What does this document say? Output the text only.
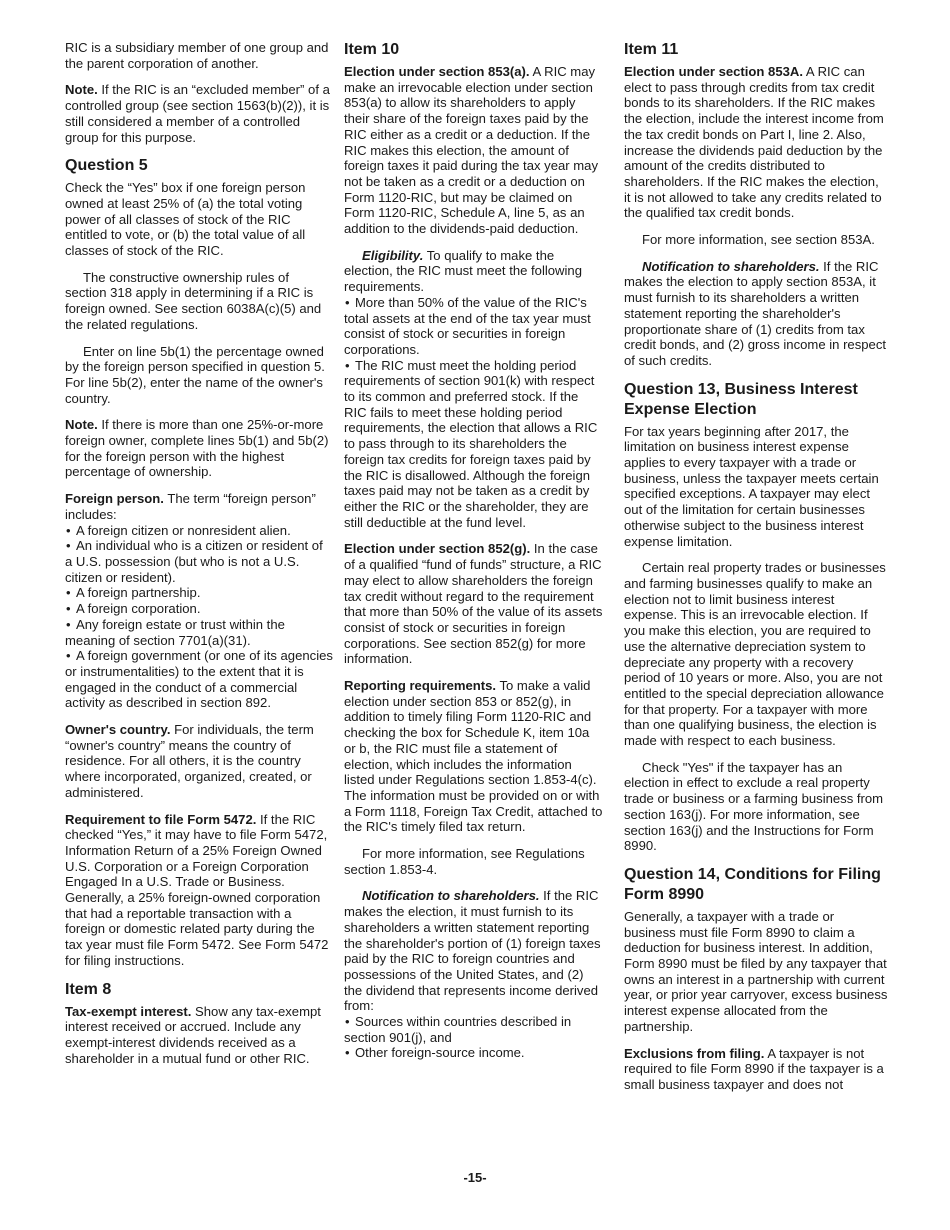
RIC is a subsidiary member of one group and the parent corporation of another.

Note. If the RIC is an “excluded member” of a controlled group (see section 1563(b)(2)), it is still considered a member of a controlled group for this purpose.

Question 5

Check the “Yes” box if one foreign person owned at least 25% of (a) the total voting power of all classes of stock of the RIC entitled to vote, or (b) the total value of all classes of stock of the RIC.

The constructive ownership rules of section 318 apply in determining if a RIC is foreign owned. See section 6038A(c)(5) and the related regulations.

Enter on line 5b(1) the percentage owned by the foreign person specified in question 5. For line 5b(2), enter the name of the owner's country.

Note. If there is more than one 25%-or-more foreign owner, complete lines 5b(1) and 5b(2) for the foreign person with the highest percentage of ownership.

Foreign person. The term “foreign person” includes:

• A foreign citizen or nonresident alien.
• An individual who is a citizen or resident of a U.S. possession (but who is not a U.S. citizen or resident).
• A foreign partnership.
• A foreign corporation.
• Any foreign estate or trust within the meaning of section 7701(a)(31).
• A foreign government (or one of its agencies or instrumentalities) to the extent that it is engaged in the conduct of a commercial activity as described in section 892.

Owner's country. For individuals, the term “owner's country” means the country of residence. For all others, it is the country where incorporated, organized, created, or administered.

Requirement to file Form 5472. If the RIC checked “Yes,” it may have to file Form 5472, Information Return of a 25% Foreign Owned U.S. Corporation or a Foreign Corporation Engaged In a U.S. Trade or Business. Generally, a 25% foreign-owned corporation that had a reportable transaction with a foreign or domestic related party during the tax year must file Form 5472. See Form 5472 for filing instructions.

Item 8

Tax-exempt interest. Show any tax-exempt interest received or accrued. Include any exempt-interest dividends received as a shareholder in a mutual fund or other RIC.

Item 10

Election under section 853(a). A RIC may make an irrevocable election under section 853(a) to allow its shareholders to apply their share of the foreign taxes paid by the RIC either as a credit or a deduction. If the RIC makes this election, the amount of foreign taxes it paid during the tax year may not be taken as a credit or a deduction on Form 1120-RIC, but may be claimed on Form 1120-RIC, Schedule A, line 5, as an addition to the dividends-paid deduction.

Eligibility. To qualify to make the election, the RIC must meet the following requirements.

• More than 50% of the value of the RIC's total assets at the end of the tax year must consist of stock or securities in foreign corporations.
• The RIC must meet the holding period requirements of section 901(k) with respect to its common and preferred stock. If the RIC fails to meet these holding period requirements, the election that allows a RIC to pass through to its shareholders the foreign tax credits for foreign taxes paid by the RIC is disallowed. Although the foreign taxes paid may not be taken as a credit by either the RIC or the shareholder, they are still deductible at the fund level.

Election under section 852(g). In the case of a qualified “fund of funds” structure, a RIC may elect to allow shareholders the foreign tax credit without regard to the requirement that more than 50% of the value of its assets consist of stock or securities in foreign corporations. See section 852(g) for more information.

Reporting requirements. To make a valid election under section 853 or 852(g), in addition to timely filing Form 1120-RIC and checking the box for Schedule K, item 10a or b, the RIC must file a statement of election, which includes the information listed under Regulations section 1.853-4(c). The information must be provided on or with a Form 1118, Foreign Tax Credit, attached to the RIC's timely filed tax return.

For more information, see Regulations section 1.853-4.

Notification to shareholders. If the RIC makes the election, it must furnish to its shareholders a written statement reporting the shareholder's portion of (1) foreign taxes paid by the RIC to foreign countries and possessions of the United States, and (2) the dividend that represents income derived from:

• Sources within countries described in section 901(j), and
• Other foreign-source income.
Item 11

Election under section 853A. A RIC can elect to pass through credits from tax credit bonds to its shareholders. If the RIC makes the election, include the interest income from the tax credit bonds on Part I, line 2. Also, increase the dividends paid deduction by the amount of the credits distributed to shareholders. If the RIC makes the election, it is not allowed to take any credits related to the qualified tax credit bonds.

For more information, see section 853A.

Notification to shareholders. If the RIC makes the election to apply section 853A, it must furnish to its shareholders a written statement reporting the shareholder's proportionate share of (1) credits from tax credit bonds, and (2) gross income in respect of such credits.

Question 13, Business Interest Expense Election

For tax years beginning after 2017, the limitation on business interest expense applies to every taxpayer with a trade or business, unless the taxpayer meets certain specified exceptions. A taxpayer may elect out of the limitation for certain businesses otherwise subject to the business interest expense limitation.

Certain real property trades or businesses and farming businesses qualify to make an election not to limit business interest expense. This is an irrevocable election. If you make this election, you are required to use the alternative depreciation system to depreciate any property with a recovery period of 10 years or more. Also, you are not entitled to the special depreciation allowance for that property. For a taxpayer with more than one qualifying business, the election is made with respect to each business.

Check "Yes" if the taxpayer has an election in effect to exclude a real property trade or business or a farming business from section 163(j). For more information, see section 163(j) and the Instructions for Form 8990.

Question 14, Conditions for Filing Form 8990

Generally, a taxpayer with a trade or business must file Form 8990 to claim a deduction for business interest. In addition, Form 8990 must be filed by any taxpayer that owns an interest in a partnership with current year, or prior year carryover, excess business interest expense allocated from the partnership.

Exclusions from filing. A taxpayer is not required to file Form 8990 if the taxpayer is a small business taxpayer and does not

-15-
